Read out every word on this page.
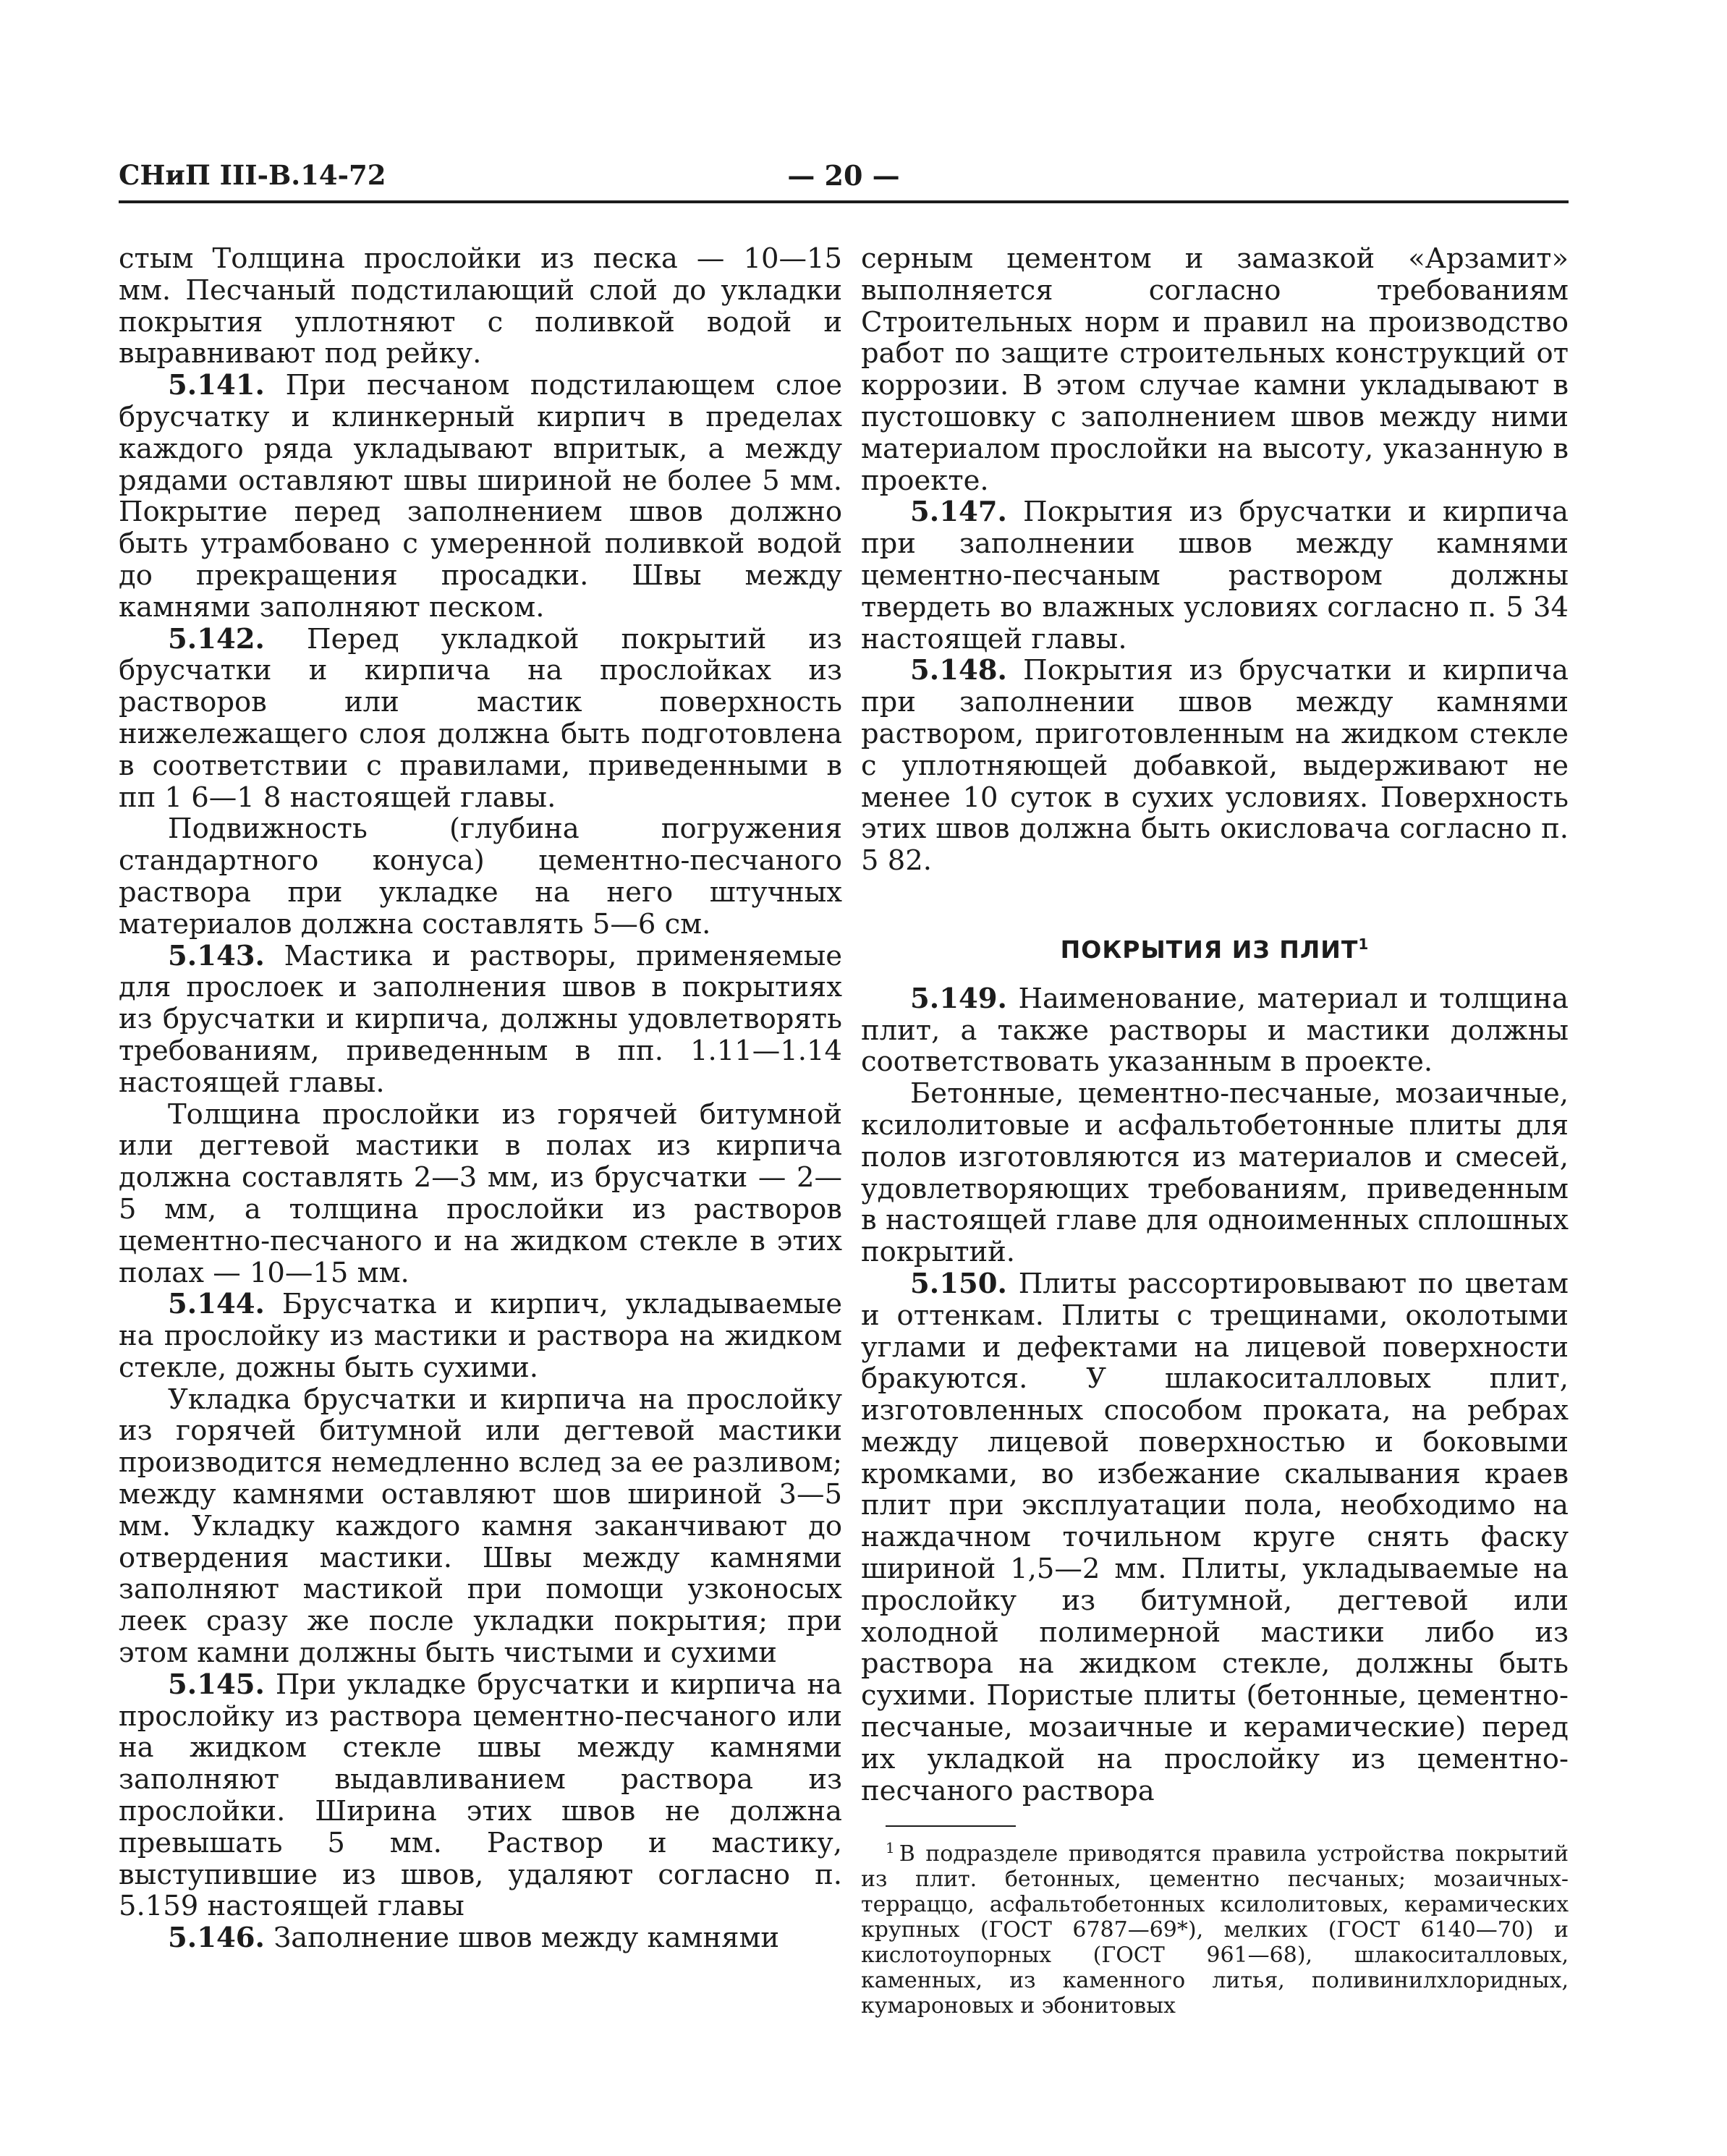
СНиП III-В.14-72	— 20 —

стым Толщина прослойки из песка — 10—15 мм. Песчаный подстилающий слой до укладки покрытия уплотняют с поливкой водой и выравнивают под рейку.

5.141. При песчаном подстилающем слое брусчатку и клинкерный кирпич в пределах каждого ряда укладывают впритык, а между рядами оставляют швы шириной не более 5 мм. Покрытие перед заполнением швов должно быть утрамбовано с умеренной поливкой водой до прекращения просадки. Швы между камнями заполняют песком.

5.142. Перед укладкой покрытий из брусчатки и кирпича на прослойках из растворов или мастик поверхность нижележащего слоя должна быть подготовлена в соответствии с правилами, приведенными в пп 1 6—1 8 настоящей главы.

Подвижность (глубина погружения стандартного конуса) цементно-песчаного раствора при укладке на него штучных материалов должна составлять 5—6 см.

5.143. Мастика и растворы, применяемые для прослоек и заполнения швов в покрытиях из брусчатки и кирпича, должны удовлетворять требованиям, приведенным в пп. 1.11—1.14 настоящей главы.

Толщина прослойки из горячей битумной или дегтевой мастики в полах из кирпича должна составлять 2—3 мм, из брусчатки — 2—5 мм, а толщина прослойки из растворов цементно-песчаного и на жидком стекле в этих полах — 10—15 мм.

5.144. Брусчатка и кирпич, укладываемые на прослойку из мастики и раствора на жидком стекле, дожны быть сухими.

Укладка брусчатки и кирпича на прослойку из горячей битумной или дегтевой мастики производится немедленно вслед за ее разливом; между камнями оставляют шов шириной 3—5 мм. Укладку каждого камня заканчивают до отвердения мастики. Швы между камнями заполняют мастикой при помощи узконосых леек сразу же после укладки покрытия; при этом камни должны быть чистыми и сухими

5.145. При укладке брусчатки и кирпича на прослойку из раствора цементно-песчаного или на жидком стекле швы между камнями заполняют выдавливанием раствора из прослойки. Ширина этих швов не должна превышать 5 мм. Раствор и мастику, выступившие из швов, удаляют согласно п. 5.159 настоящей главы

5.146. Заполнение швов между камнями

серным цементом и замазкой «Арзамит» выполняется согласно требованиям Строительных норм и правил на производство работ по защите строительных конструкций от коррозии. В этом случае камни укладывают в пустошовку с заполнением швов между ними материалом прослойки на высоту, указанную в проекте.

5.147. Покрытия из брусчатки и кирпича при заполнении швов между камнями цементно-песчаным раствором должны твердеть во влажных условиях согласно п. 5 34 настоящей главы.

5.148. Покрытия из брусчатки и кирпича при заполнении швов между камнями раствором, приготовленным на жидком стекле с уплотняющей добавкой, выдерживают не менее 10 суток в сухих условиях. Поверхность этих швов должна быть окисловача согласно п. 5 82.

ПОКРЫТИЯ ИЗ ПЛИТ$^1$

5.149. Наименование, материал и толщина плит, а также растворы и мастики должны соответствовать указанным в проекте.

Бетонные, цементно-песчаные, мозаичные, ксилолитовые и асфальтобетонные плиты для полов изготовляются из материалов и смесей, удовлетворяющих требованиям, приведенным в настоящей главе для одноименных сплошных покрытий.

5.150. Плиты рассортировывают по цветам и оттенкам. Плиты с трещинами, околотыми углами и дефектами на лицевой поверхности бракуются. У шлакоситалловых плит, изготовленных способом проката, на ребрах между лицевой поверхностью и боковыми кромками, во избежание скалывания краев плит при эксплуатации пола, необходимо на наждачном точильном круге снять фаску шириной 1,5—2 мм. Плиты, укладываемые на прослойку из битумной, дегтевой или холодной полимерной мастики либо из раствора на жидком стекле, должны быть сухими. Пористые плиты (бетонные, цементно-песчаные, мозаичные и керамические) перед их укладкой на прослойку из цементно-песчаного раствора

$^1$ В подразделе приводятся правила устройства покрытий из плит. бетонных, цементно песчаных; мозаичных-терраццо, асфальтобетонных ксилолитовых, керамических крупных (ГОСТ 6787—69*), мелких (ГОСТ 6140—70) и кислотоупорных (ГОСТ 961—68), шлакоситалловых, каменных, из каменного литья, поливинилхлоридных, кумароновых и эбонитовых
